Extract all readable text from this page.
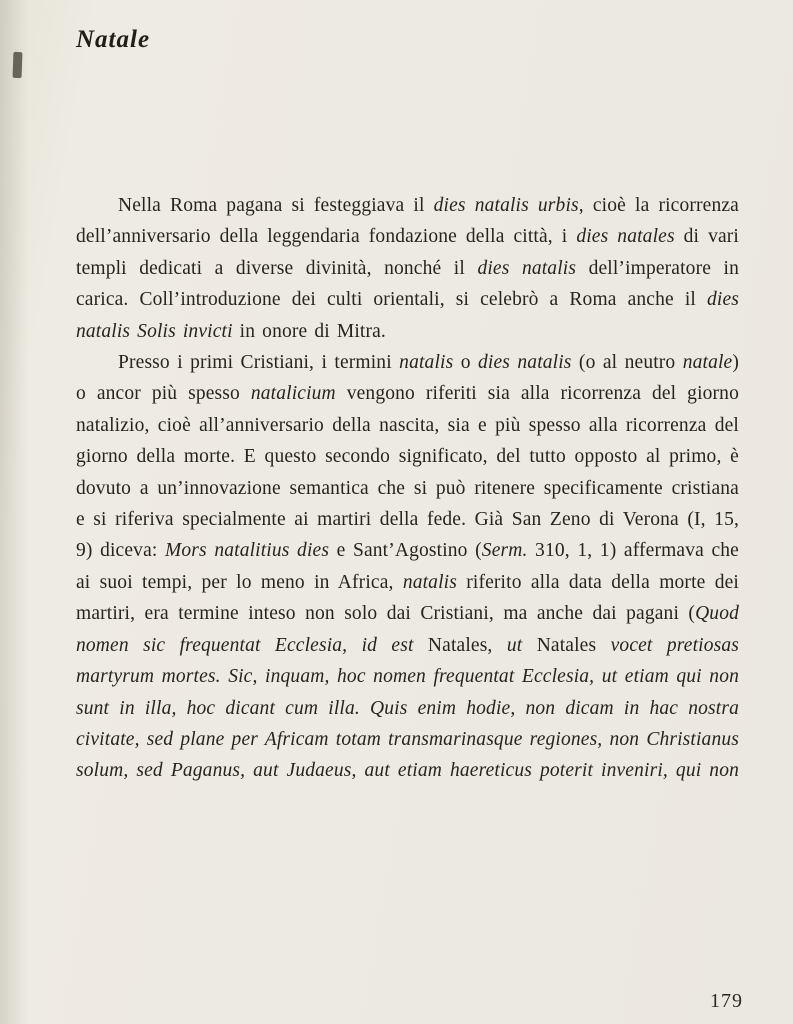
Natale

Nella Roma pagana si festeggiava il dies natalis urbis, cioè la ricorrenza dell’anniversario della leggendaria fondazione della città, i dies natales di vari templi dedicati a diverse divinità, nonché il dies natalis dell’imperatore in carica. Coll’introduzione dei culti orientali, si celebrò a Roma anche il dies natalis Solis invicti in onore di Mitra.

Presso i primi Cristiani, i termini natalis o dies natalis (o al neutro natale) o ancor più spesso natalicium vengono riferiti sia alla ricorrenza del giorno natalizio, cioè all’anniversario della nascita, sia e più spesso alla ricorrenza del giorno della morte. E questo secondo significato, del tutto opposto al primo, è dovuto a un’innovazione semantica che si può ritenere specificamente cristiana e si riferiva specialmente ai martiri della fede. Già San Zeno di Verona (I, 15, 9) diceva: Mors natalitius dies e Sant’Agostino (Serm. 310, 1, 1) affermava che ai suoi tempi, per lo meno in Africa, natalis riferito alla data della morte dei martiri, era termine inteso non solo dai Cristiani, ma anche dai pagani (Quod nomen sic frequentat Ecclesia, id est Natales, ut Natales vocet pretiosas martyrum mortes. Sic, inquam, hoc nomen frequentat Ecclesia, ut etiam qui non sunt in illa, hoc dicant cum illa. Quis enim hodie, non dicam in hac nostra civitate, sed plane per Africam totam transmarinasque regiones, non Christianus solum, sed Paganus, aut Judaeus, aut etiam haereticus poterit inveniri, qui non

179
